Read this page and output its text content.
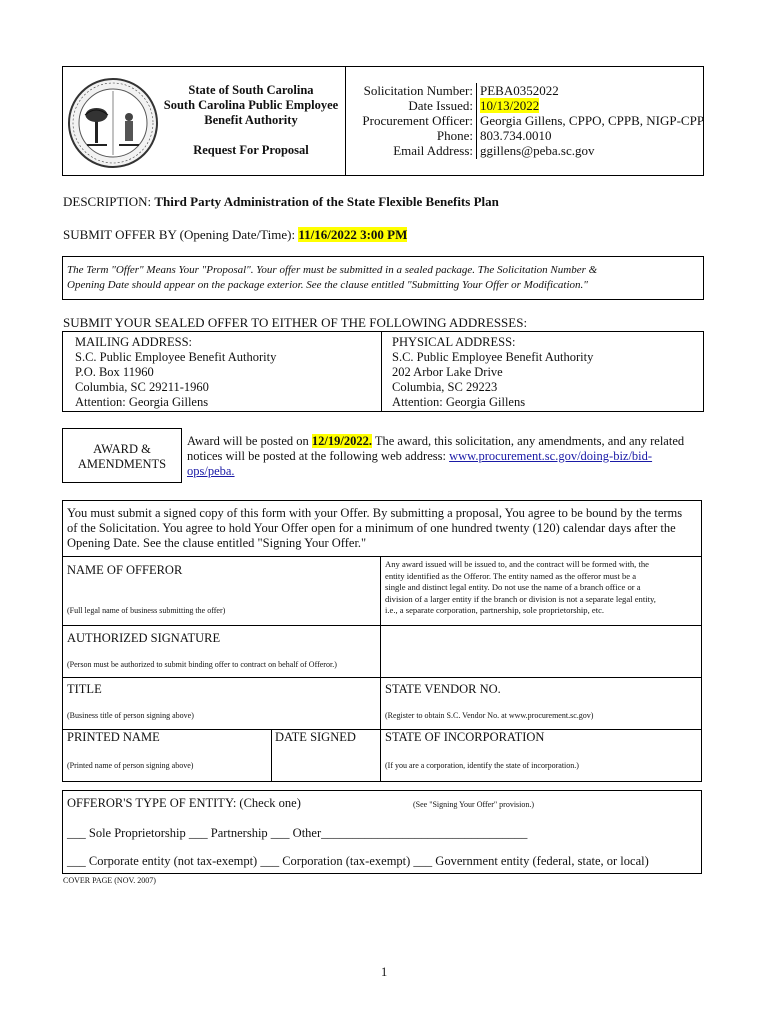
State of South Carolina
South Carolina Public Employee
Benefit Authority
Request For Proposal
Solicitation Number:
Date Issued:
Procurement Officer:
Phone:
Email Address:
PEBA0352022
10/13/2022
Georgia Gillens, CPPO, CPPB, NIGP-CPP
803.734.0010
ggillens@peba.sc.gov
DESCRIPTION: Third Party Administration of the State Flexible Benefits Plan
SUBMIT OFFER BY (Opening Date/Time): 11/16/2022 3:00 PM
The Term "Offer" Means Your "Proposal". Your offer must be submitted in a sealed package. The Solicitation Number &
Opening Date should appear on the package exterior. See the clause entitled "Submitting Your Offer or Modification."
SUBMIT YOUR SEALED OFFER TO EITHER OF THE FOLLOWING ADDRESSES:
MAILING ADDRESS:
S.C. Public Employee Benefit Authority
P.O. Box 11960
Columbia, SC 29211-1960
Attention: Georgia Gillens
PHYSICAL ADDRESS:
S.C. Public Employee Benefit Authority
202 Arbor Lake Drive
Columbia, SC 29223
Attention: Georgia Gillens
AWARD &
AMENDMENTS
Award will be posted on 12/19/2022. The award, this solicitation, any amendments, and any related
notices will be posted at the following web address: www.procurement.sc.gov/doing-biz/bid-
ops/peba.
You must submit a signed copy of this form with your Offer. By submitting a proposal, You agree to be bound by the terms
of the Solicitation. You agree to hold Your Offer open for a minimum of one hundred twenty (120) calendar days after the
Opening Date. See the clause entitled "Signing Your Offer."
NAME OF OFFEROR
(Full legal name of business submitting the offer)
Any award issued will be issued to, and the contract will be formed with, the
entity identified as the Offeror. The entity named as the offeror must be a
single and distinct legal entity. Do not use the name of a branch office or a
division of a larger entity if the branch or division is not a separate legal entity,
i.e., a separate corporation, partnership, sole proprietorship, etc.
AUTHORIZED SIGNATURE
(Person must be authorized to submit binding offer to contract on behalf of Offeror.)
TITLE
(Business title of person signing above)
STATE VENDOR NO.
(Register to obtain S.C. Vendor No. at www.procurement.sc.gov)
PRINTED NAME
(Printed name of person signing above)
DATE SIGNED STATE OF INCORPORATION
(If you are a corporation, identify the state of incorporation.)
OFFEROR'S TYPE OF ENTITY: (Check one)	(See "Signing Your Offer" provision.)
___ Sole Proprietorship ___ Partnership ___ Other_________________________________
___ Corporate entity (not tax-exempt) ___ Corporation (tax-exempt) ___ Government entity (federal, state, or local)
COVER PAGE (NOV. 2007)
1
